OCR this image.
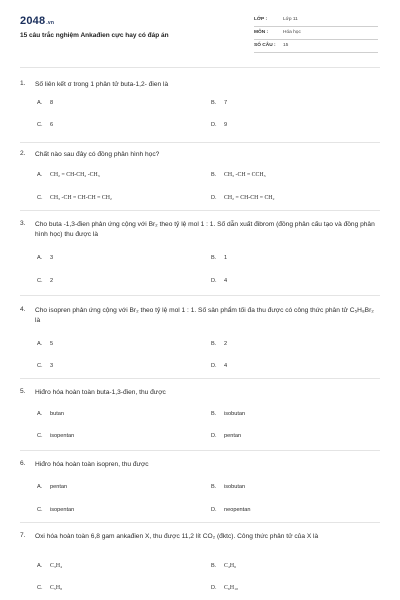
2048.vn
15 câu trắc nghiệm Ankađien cực hay có đáp án
LỚP :	Lớp 11
MÔN :	Hóa học
SỐ CÂU : 15
1. Số liên kết σ trong 1 phân tử buta-1,2- đien là
A. 8	B. 7
C. 6	D. 9
2. Chất nào sau đây có đồng phân hình học?
A. CH₂ = CH-CH₂ -CH₃	B. CH₃ -CH = CCH₃
C. CH₃ -CH = CH-CH = CH₂	D. CH₂ = CH-CH = CH₂
3. Cho buta -1,3-đien phản ứng cộng với Br₂ theo tỷ lệ mol 1 : 1. Số dẫn xuất đibrom (đồng phân cấu tạo và đồng phân hình học) thu được là
A. 3	B. 1
C. 2	D. 4
4. Cho isopren phản ứng cộng với Br₂ theo tỷ lệ mol 1 : 1. Số sản phẩm tối đa thu được có công thức phân tử C₅H₈Br₂ là
A. 5	B. 2
C. 3	D. 4
5. Hiđro hóa hoàn toàn buta-1,3-đien, thu được
A. butan	B. isobutan
C. isopentan	D. pentan
6. Hiđro hóa hoàn toàn isopren, thu được
A. pentan	B. isobutan
C. isopentan	D. neopentan
7. Oxi hóa hoàn toàn 6,8 gam ankađien X, thu được 11,2 lít CO₂ (đktc). Công thức phân tử của X là
A. C₃H₄	B. C₄H₆
C. C₅H₈	D. C₆H₁₀
